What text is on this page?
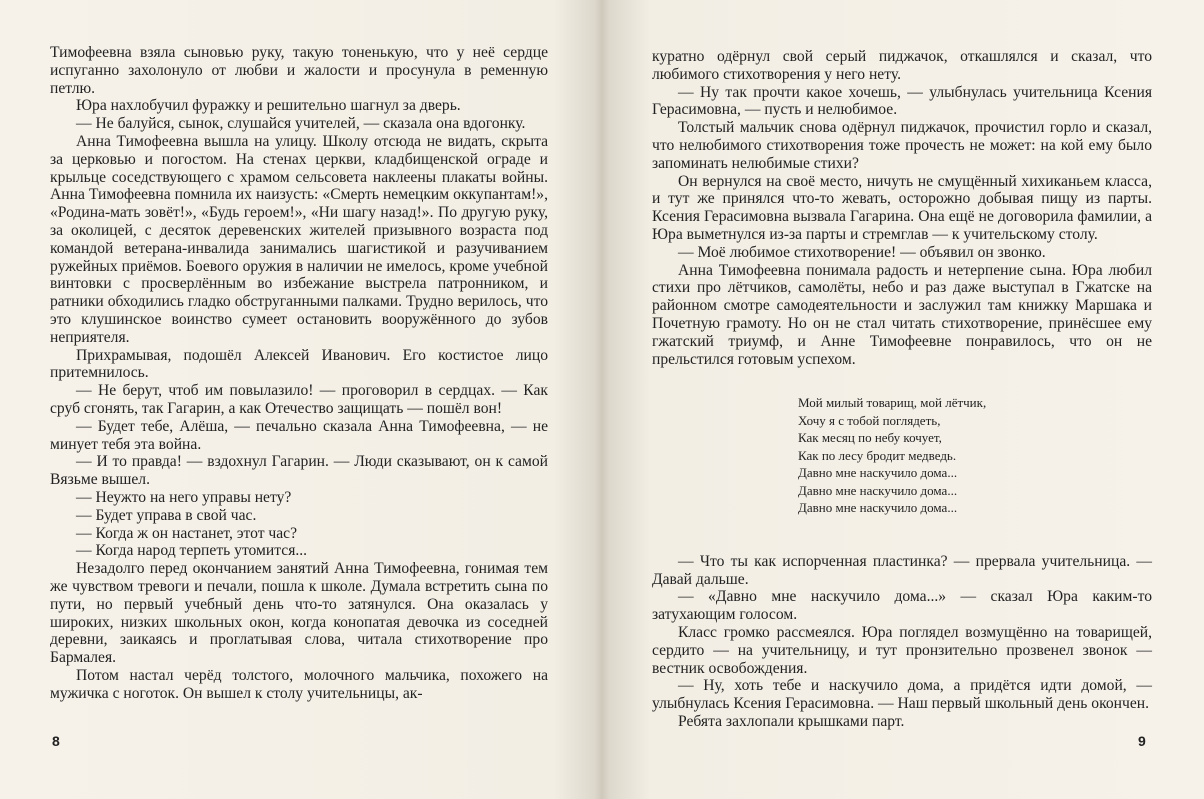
Тимофеевна взяла сыновью руку, такую тоненькую, что у неё сердце испуганно захолонуло от любви и жалости и просунула в ременную петлю.

Юра нахлобучил фуражку и решительно шагнул за дверь.

— Не балуйся, сынок, слушайся учителей, — сказала она вдогонку.

Анна Тимофеевна вышла на улицу. Школу отсюда не видать, скрыта за церковью и погостом. На стенах церкви, кладбищенской ограде и крыльце соседствующего с храмом сельсовета наклеены плакаты войны. Анна Тимофеевна помнила их наизусть: «Смерть немецким оккупантам!», «Родина-мать зовёт!», «Будь героем!», «Ни шагу назад!». По другую руку, за околицей, с десяток деревенских жителей призывного возраста под командой ветерана-инвалида занимались шагистикой и разучиванием ружейных приёмов. Боевого оружия в наличии не имелось, кроме учебной винтовки с просверлённым во избежание выстрела патронником, и ратники обходились гладко обструганными палками. Трудно верилось, что это клушинское воинство сумеет остановить вооружённого до зубов неприятеля.

Прихрамывая, подошёл Алексей Иванович. Его костистое лицо притемнилось.

— Не берут, чтоб им повылазило! — проговорил в сердцах. — Как сруб сгонять, так Гагарин, а как Отечество защищать — пошёл вон!

— Будет тебе, Алёша, — печально сказала Анна Тимофеевна, — не минует тебя эта война.

— И то правда! — вздохнул Гагарин. — Люди сказывают, он к самой Вязьме вышел.

— Неужто на него управы нету?

— Будет управа в свой час.

— Когда ж он настанет, этот час?

— Когда народ терпеть утомится...

Незадолго перед окончанием занятий Анна Тимофеевна, гонимая тем же чувством тревоги и печали, пошла к школе. Думала встретить сына по пути, но первый учебный день что-то затянулся. Она оказалась у широких, низких школьных окон, когда конопатая девочка из соседней деревни, заикаясь и проглатывая слова, читала стихотворение про Бармалея.

Потом настал черёд толстого, молочного мальчика, похожего на мужичка с ноготок. Он вышел к столу учительницы, ак-

8

куратно одёрнул свой серый пиджачок, откашлялся и сказал, что любимого стихотворения у него нету.

— Ну так прочти какое хочешь, — улыбнулась учительница Ксения Герасимовна, — пусть и нелюбимое.

Толстый мальчик снова одёрнул пиджачок, прочистил горло и сказал, что нелюбимого стихотворения тоже прочесть не может: на кой ему было запоминать нелюбимые стихи?

Он вернулся на своё место, ничуть не смущённый хихиканьем класса, и тут же принялся что-то жевать, осторожно добывая пищу из парты. Ксения Герасимовна вызвала Гагарина. Она ещё не договорила фамилии, а Юра выметнулся из-за парты и стремглав — к учительскому столу.

— Моё любимое стихотворение! — объявил он звонко.

Анна Тимофеевна понимала радость и нетерпение сына. Юра любил стихи про лётчиков, самолёты, небо и раз даже выступал в Гжатске на районном смотре самодеятельности и заслужил там книжку Маршака и Почетную грамоту. Но он не стал читать стихотворение, принёсшее ему гжатский триумф, и Анне Тимофеевне понравилось, что он не прельстился готовым успехом.

Мой милый товарищ, мой лётчик,
Хочу я с тобой поглядеть,
Как месяц по небу кочует,
Как по лесу бродит медведь.
Давно мне наскучило дома...
Давно мне наскучило дома...
Давно мне наскучило дома...

— Что ты как испорченная пластинка? — прервала учительница. — Давай дальше.

— «Давно мне наскучило дома...» — сказал Юра каким-то затухающим голосом.

Класс громко рассмеялся. Юра поглядел возмущённо на товарищей, сердито — на учительницу, и тут пронзительно прозвенел звонок — вестник освобождения.

— Ну, хоть тебе и наскучило дома, а придётся идти домой, — улыбнулась Ксения Герасимовна. — Наш первый школьный день окончен.

Ребята захлопали крышками парт.

9
